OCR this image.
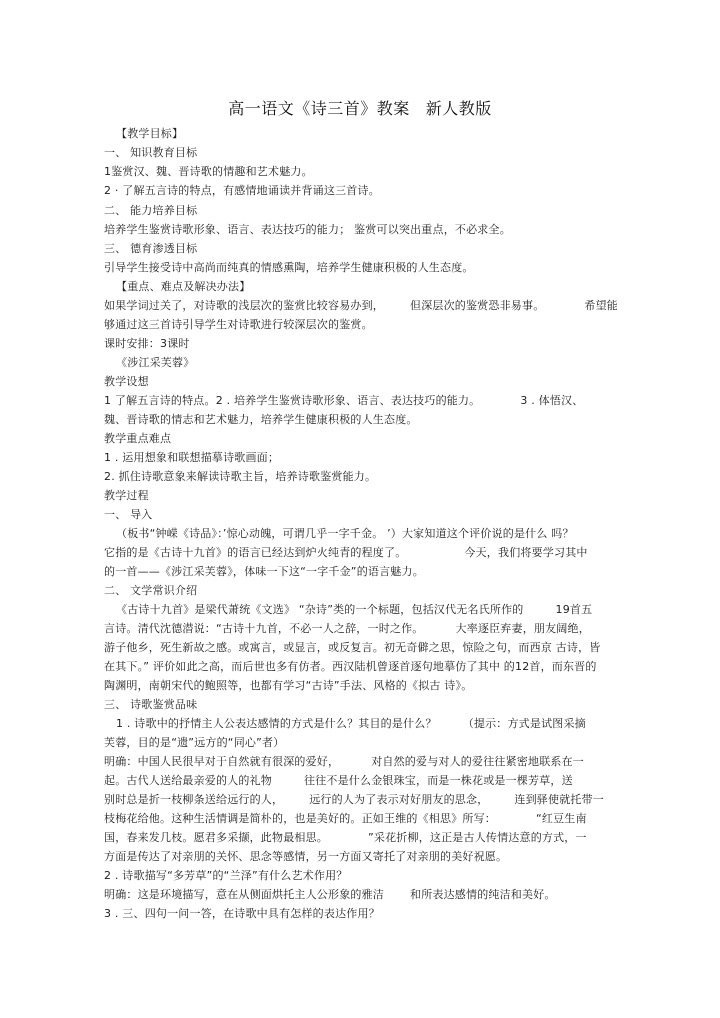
高一语文《诗三首》教案 新人教版
【教学目标】
一、 知识教育目标
1鉴赏汉、魏、晋诗歌的情趣和艺术魅力。
2 · 了解五言诗的特点，有感情地诵读并背诵这三首诗。
二、 能力培养目标
培养学生鉴赏诗歌形象、语言、表达技巧的能力； 鉴赏可以突出重点，不必求全。
三、 德育渗透目标
引导学生接受诗中高尚而纯真的情感熏陶，培养学生健康积极的人生态度。
【重点、难点及解决办法】
如果学词过关了，对诗歌的浅层次的鉴赏比较容易办到， 但深层次的鉴赏恐非易事。	希望能
够通过这三首诗引导学生对诗歌进行较深层次的鉴赏。
课时安排：3课时
《涉江采芙蓉》
教学设想
1 了解五言诗的特点。2 . 培养学生鉴赏诗歌形象、语言、表达技巧的能力。	3 . 体悟汉、
魏、晋诗歌的情志和艺术魅力，培养学生健康积极的人生态度。
教学重点难点
1 . 运用想象和联想描摹诗歌画面；
2. 抓住诗歌意象来解读诗歌主旨，培养诗歌鉴赏能力。
教学过程
一、 导入
（板书“钟嵘《诗品》：’惊心动魄，可谓几乎一字千金。 ’）大家知道这个评价说的是什么 吗？
它指的是《古诗十九首》的语言已经达到炉火纯青的程度了。	今天，我们将要学习其中
的一首——《涉江采芙蓉》，体味一下这“一字千金”的语言魅力。
二、 文学常识介绍
《古诗十九首》是梁代萧统《文选》 “杂诗”类的一个标题，包括汉代无名氏所作的	19首五
言诗。清代沈德潜说：“古诗十九首，不必一人之辞，一时之作。	大率逐臣弃妻，朋友阔绝，
游子他乡，死生新故之感。或寓言，或显言，或反复言。初无奇僻之思，惊险之句，而西京 古诗，皆
在其下。” 评价如此之高，而后世也多有仿者。西汉陆机曾逐首逐句地摹仿了其中 的12首，而东晋的
陶渊明，南朝宋代的鲍照等，也都有学习“古诗”手法、风格的《拟古 诗》。
三、 诗歌鉴赏品味
1 . 诗歌中的抒情主人公表达感情的方式是什么？其目的是什么？ （提示：方式是试图采摘
芙蓉，目的是“遗”远方的“同心”者）
明确：中国人民很早对于自然就有很深的爱好，	对自然的爱与对人的爱往往紧密地联系在一
起。古代人送给最亲爱的人的礼物	往往不是什么金银珠宝，而是一株花或是一棵芳草，送
别时总是折一枝柳条送给远行的人， 远行的人为了表示对好朋友的思念， 连到驿使就托带一
枝梅花给他。这种生活情调是简朴的，也是美好的。正如王维的《相思》所写：	“红豆生南
国，春来发几枝。愿君多采撷，此物最相思。	”采花折柳，这正是古人传情达意的方式，一
方面是传达了对亲朋的关怀、思念等感情，另一方面又寄托了对亲朋的美好祝愿。
2 . 诗歌描写“多芳草”的“兰泽”有什么艺术作用？
明确：这是环境描写，意在从侧面烘托主人公形象的雅洁 和所表达感情的纯洁和美好。
3 . 三、四句一问一答，在诗歌中具有怎样的表达作用？
